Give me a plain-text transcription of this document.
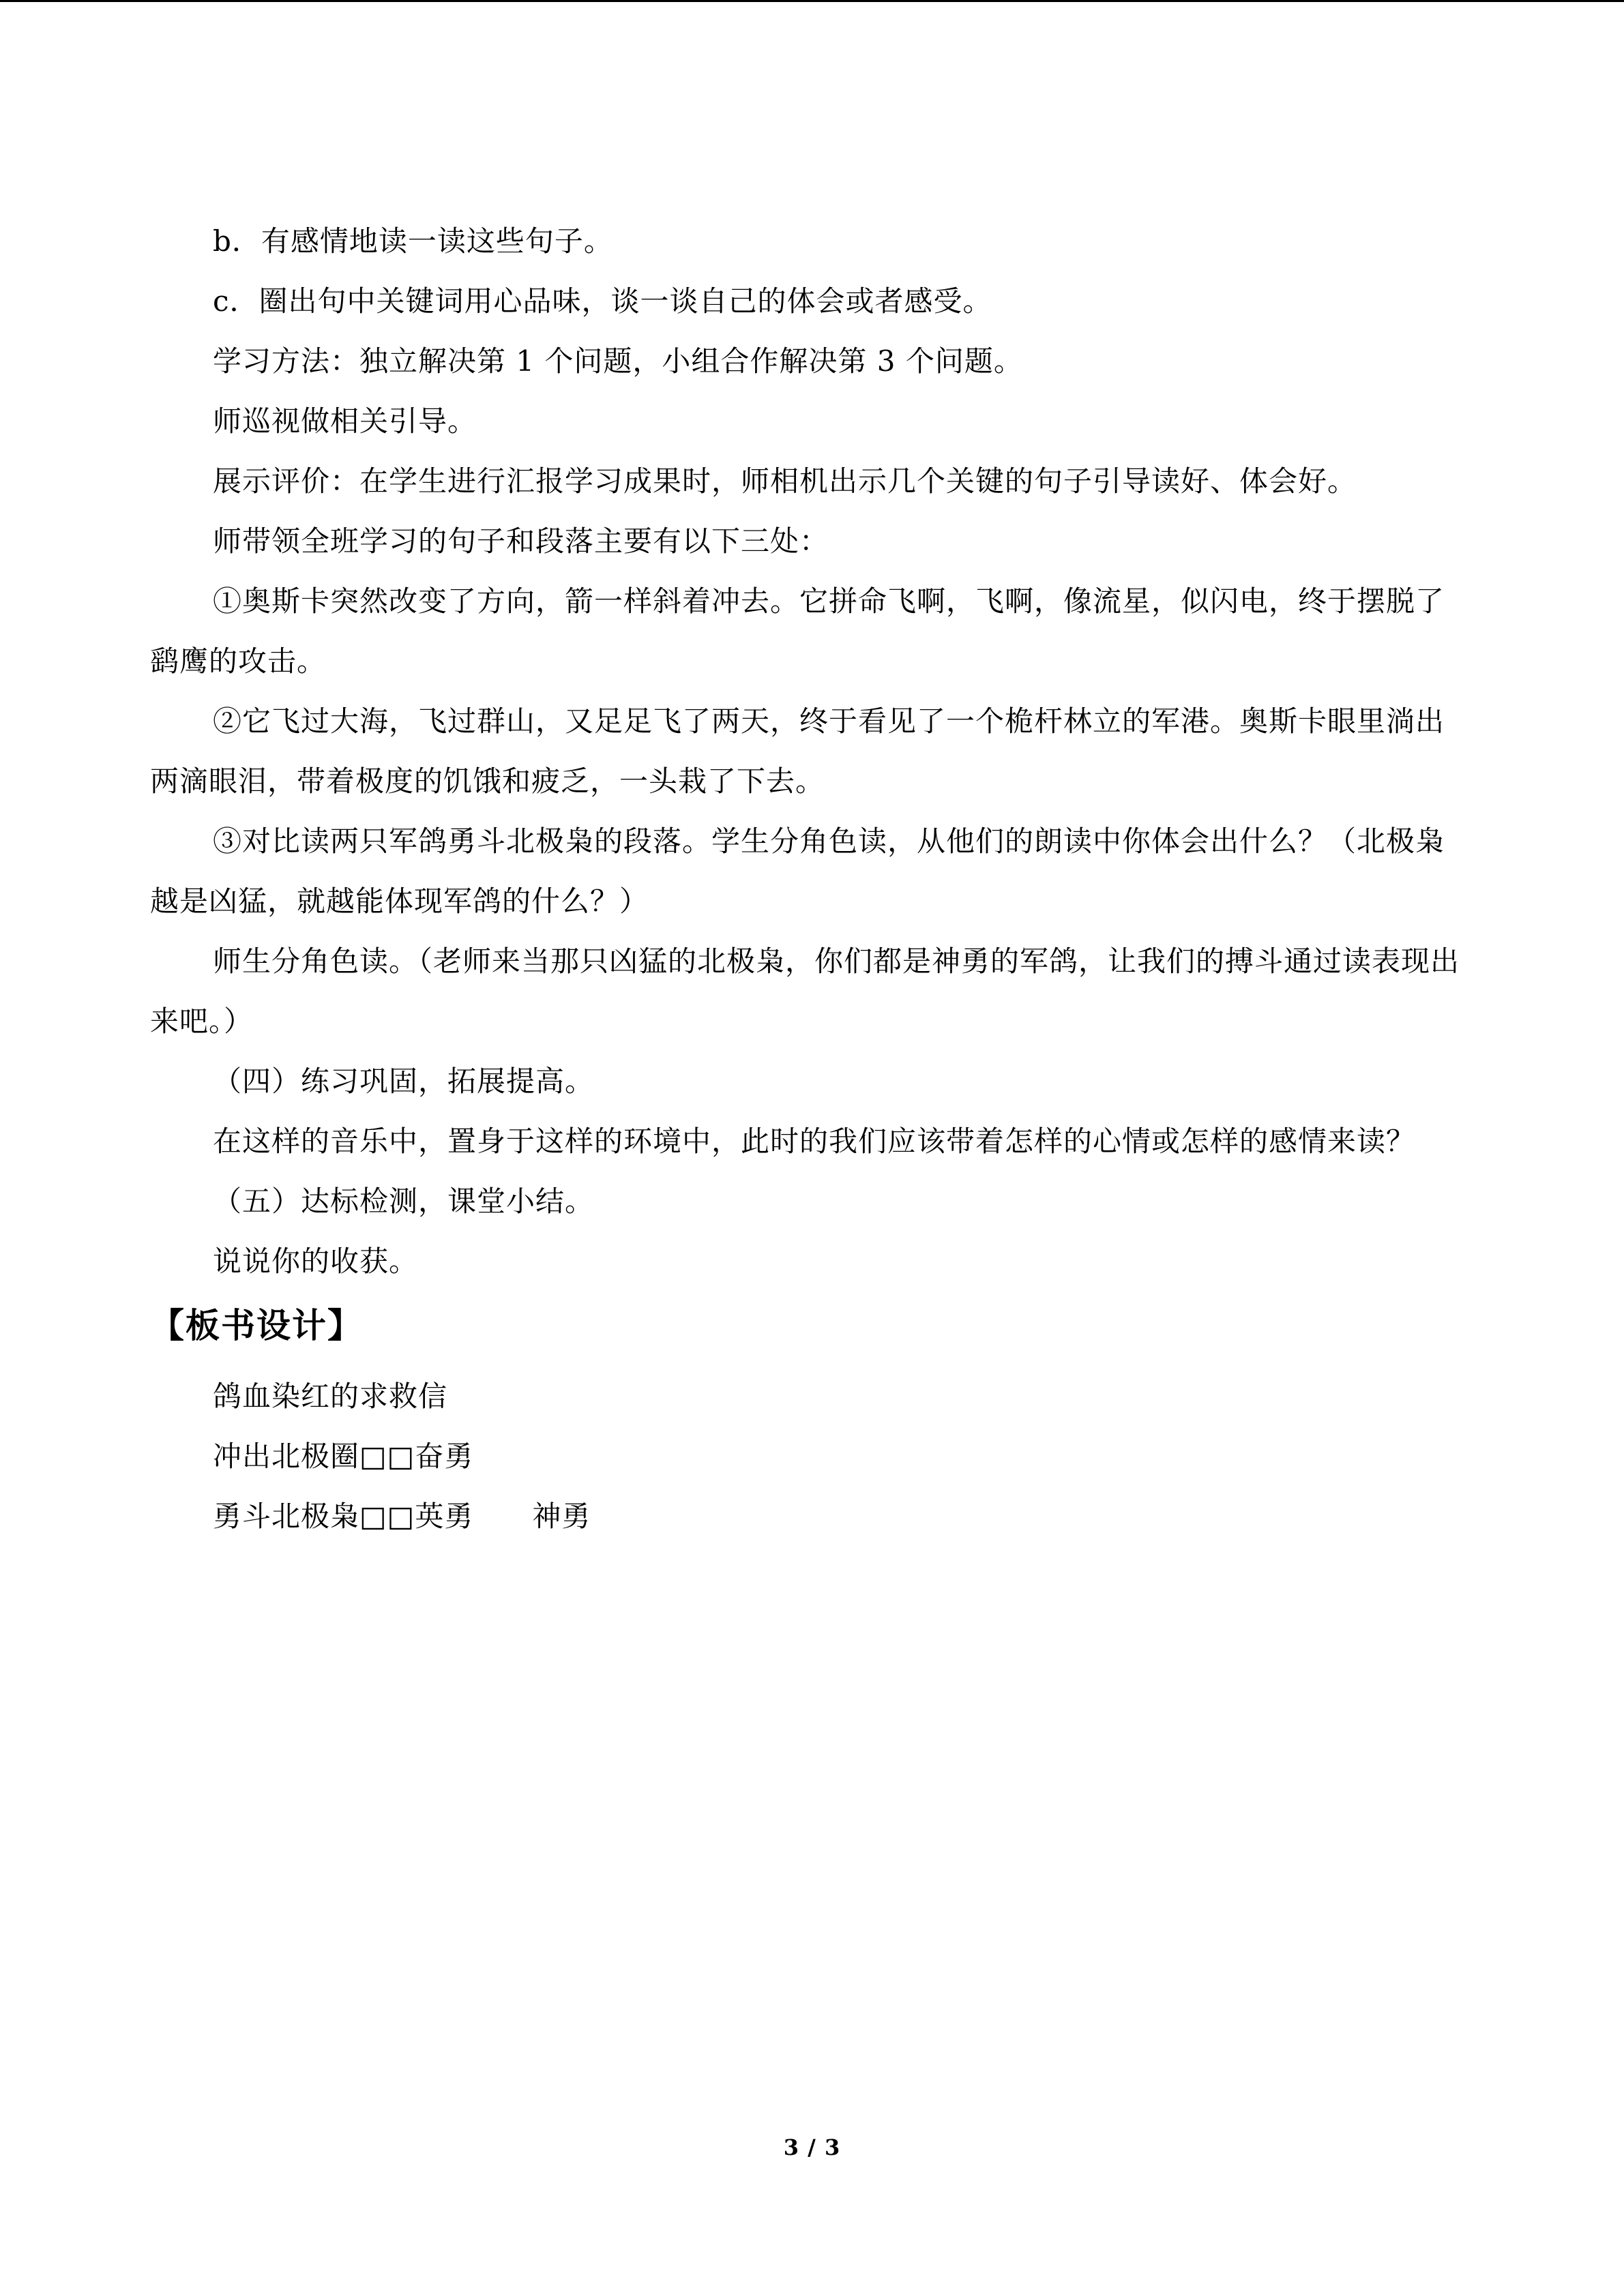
b．有感情地读一读这些句子。

c．圈出句中关键词用心品味，谈一谈自己的体会或者感受。

学习方法：独立解决第 1 个问题，小组合作解决第 3 个问题。

师巡视做相关引导。

展示评价：在学生进行汇报学习成果时，师相机出示几个关键的句子引导读好、体会好。

师带领全班学习的句子和段落主要有以下三处：

①奥斯卡突然改变了方向，箭一样斜着冲去。它拼命飞啊，飞啊，像流星，似闪电，终于摆脱了鹞鹰的攻击。

②它飞过大海，飞过群山，又足足飞了两天，终于看见了一个桅杆林立的军港。奥斯卡眼里淌出两滴眼泪，带着极度的饥饿和疲乏，一头栽了下去。

③对比读两只军鸽勇斗北极枭的段落。学生分角色读，从他们的朗读中你体会出什么？（北极枭越是凶猛，就越能体现军鸽的什么？）

师生分角色读。（老师来当那只凶猛的北极枭，你们都是神勇的军鸽，让我们的搏斗通过读表现出来吧。）

（四）练习巩固，拓展提高。

在这样的音乐中，置身于这样的环境中，此时的我们应该带着怎样的心情或怎样的感情来读？

（五）达标检测，课堂小结。

说说你的收获。

【板书设计】

鸽血染红的求救信

冲出北极圈□□奋勇

勇斗北极枭□□英勇　　神勇

3 / 3
